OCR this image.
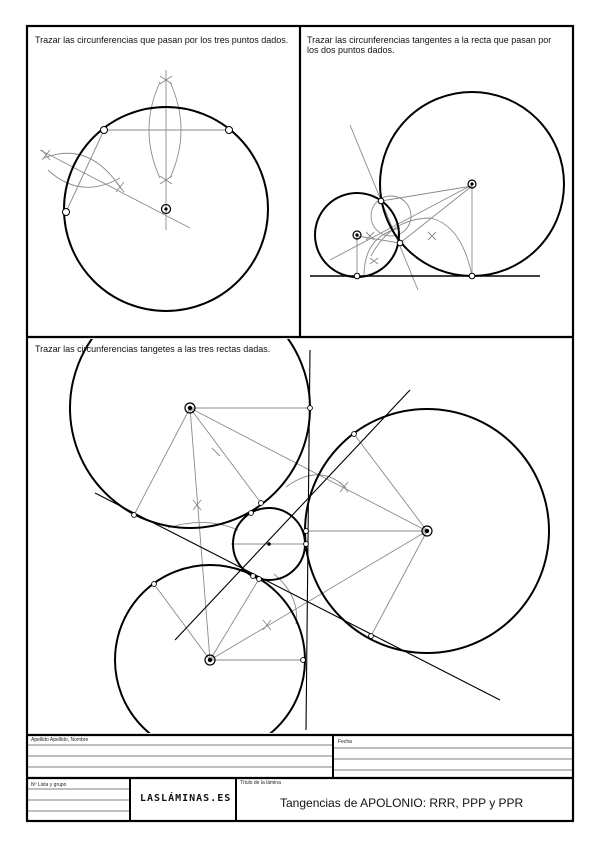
Trazar las circunferencias que pasan por los tres puntos dados. Trazar las circunferencias tangentes a la recta que pasan por los dos puntos dados.
Trazar las circunferencias tangetes a las tres rectas dadas.
Apellido Apellido, Nombre	Fecha
Nº Lista y grupo
LASLÁMINAS.ES
Título de la lámina
Tangencias de APOLONIO: RRR, PPP y PPR
